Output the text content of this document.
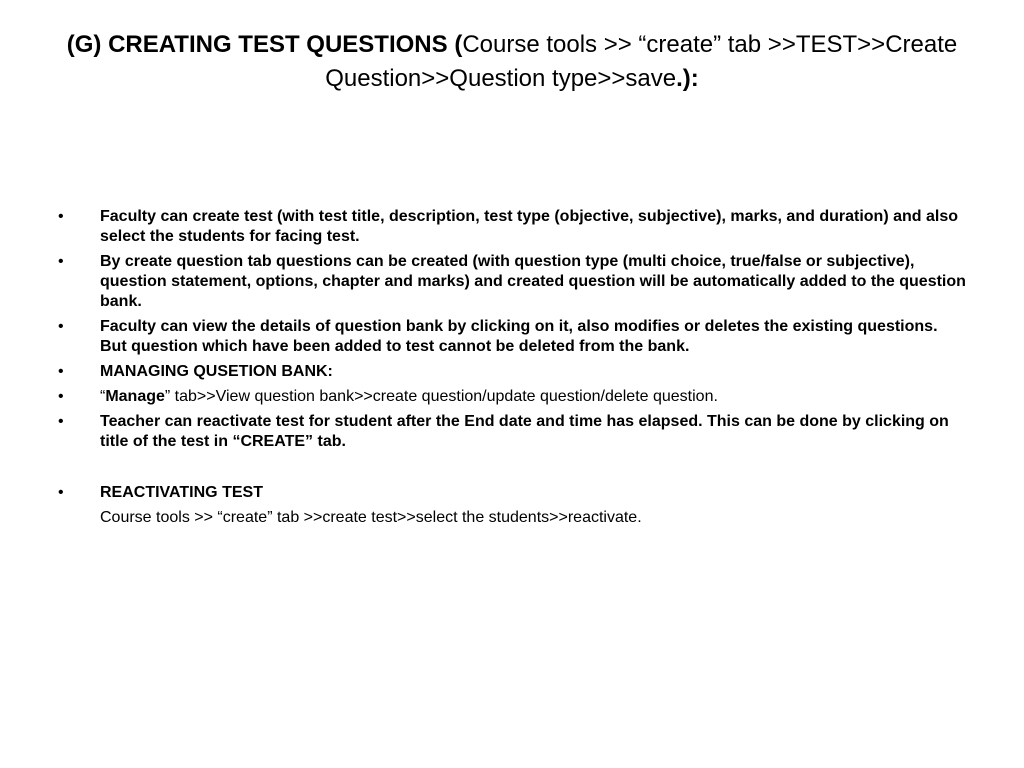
(G) CREATING TEST QUESTIONS (Course tools >> “create” tab >>TEST>>Create Question>>Question type>>save.):
•	Faculty can create test (with test title, description, test type (objective, subjective), marks, and duration) and also select the students for facing test.
•	By create question tab questions can be created (with question type (multi choice, true/false or subjective), question statement, options, chapter and marks) and created question will be automatically added to the question bank.
•	Faculty can view the details of question bank by clicking on it, also modifies or deletes the existing questions. But question which have been added to test cannot be deleted from the bank.
•	MANAGING QUSETION BANK:
•	“Manage” tab>>View question bank>>create question/update question/delete question.
•	Teacher can reactivate test for student after the End date and time has elapsed. This can be done by clicking on title of the test in “CREATE” tab.
•	REACTIVATING TEST
Course tools >> “create” tab >>create test>>select the students>>reactivate.
